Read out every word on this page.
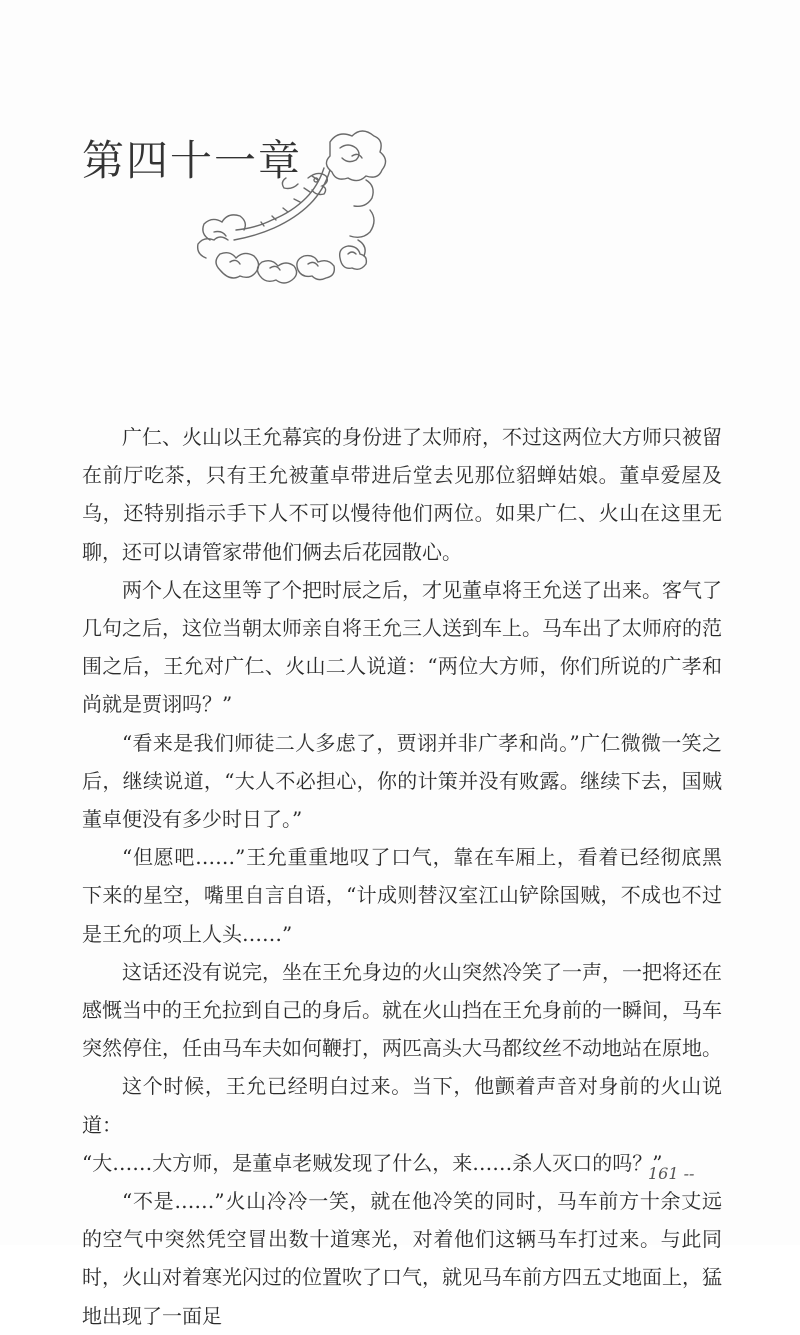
第四十一章

广仁、火山以王允幕宾的身份进了太师府，不过这两位大方师只被留在前厅吃茶，只有王允被董卓带进后堂去见那位貂蝉姑娘。董卓爱屋及乌，还特别指示手下人不可以慢待他们两位。如果广仁、火山在这里无聊，还可以请管家带他们俩去后花园散心。

两个人在这里等了个把时辰之后，才见董卓将王允送了出来。客气了几句之后，这位当朝太师亲自将王允三人送到车上。马车出了太师府的范围之后，王允对广仁、火山二人说道：“两位大方师，你们所说的广孝和尚就是贾诩吗？”

“看来是我们师徒二人多虑了，贾诩并非广孝和尚。”广仁微微一笑之后，继续说道，“大人不必担心，你的计策并没有败露。继续下去，国贼董卓便没有多少时日了。”

“但愿吧……”王允重重地叹了口气，靠在车厢上，看着已经彻底黑下来的星空，嘴里自言自语，“计成则替汉室江山铲除国贼，不成也不过是王允的项上人头……”

这话还没有说完，坐在王允身边的火山突然冷笑了一声，一把将还在感慨当中的王允拉到自己的身后。就在火山挡在王允身前的一瞬间，马车突然停住，任由马车夫如何鞭打，两匹高头大马都纹丝不动地站在原地。

这个时候，王允已经明白过来。当下，他颤着声音对身前的火山说道：

“大……大方师，是董卓老贼发现了什么，来……杀人灭口的吗？”

“不是……”火山冷冷一笑，就在他冷笑的同时，马车前方十余丈远的空气中突然凭空冒出数十道寒光，对着他们这辆马车打过来。与此同时，火山对着寒光闪过的位置吹了口气，就见马车前方四五丈地面上，猛地出现了一面足

161 --
